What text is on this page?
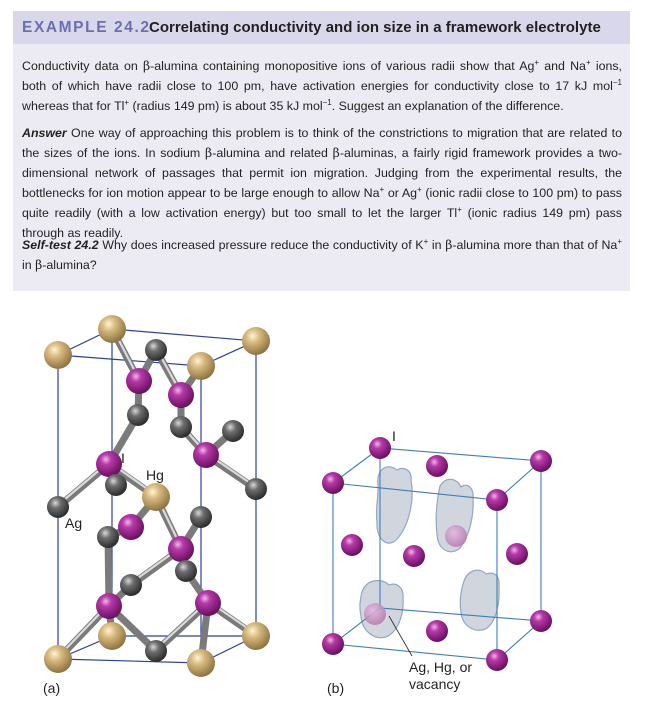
EXAMPLE 24.2
Correlating conductivity and ion size in a framework electrolyte

Conductivity data on β-alumina containing monopositive ions of various radii show that Ag+ and Na+ ions, both of which have radii close to 100 pm, have activation energies for conductivity close to 17 kJ mol$^{-1}$ whereas that for Tl+ (radius 149 pm) is about 35 kJ mol$^{-1}$. Suggest an explanation of the difference.

Answer One way of approaching this problem is to think of the constrictions to migration that are related to the sizes of the ions. In sodium β-alumina and related β-aluminas, a fairly rigid framework provides a two-dimensional network of passages that permit ion migration. Judging from the experimental results, the bottlenecks for ion motion appear to be large enough to allow Na+ or Ag+ (ionic radii close to 100 pm) to pass quite readily (with a low activation energy) but too small to let the larger Tl+ (ionic radius 149 pm) pass through as readily.

Self-test 24.2 Why does increased pressure reduce the conductivity of K+ in β-alumina more than that of Na+ in β-alumina?

I
Hg
Ag
(a)
I
Ag, Hg, or
vacancy
(b)
